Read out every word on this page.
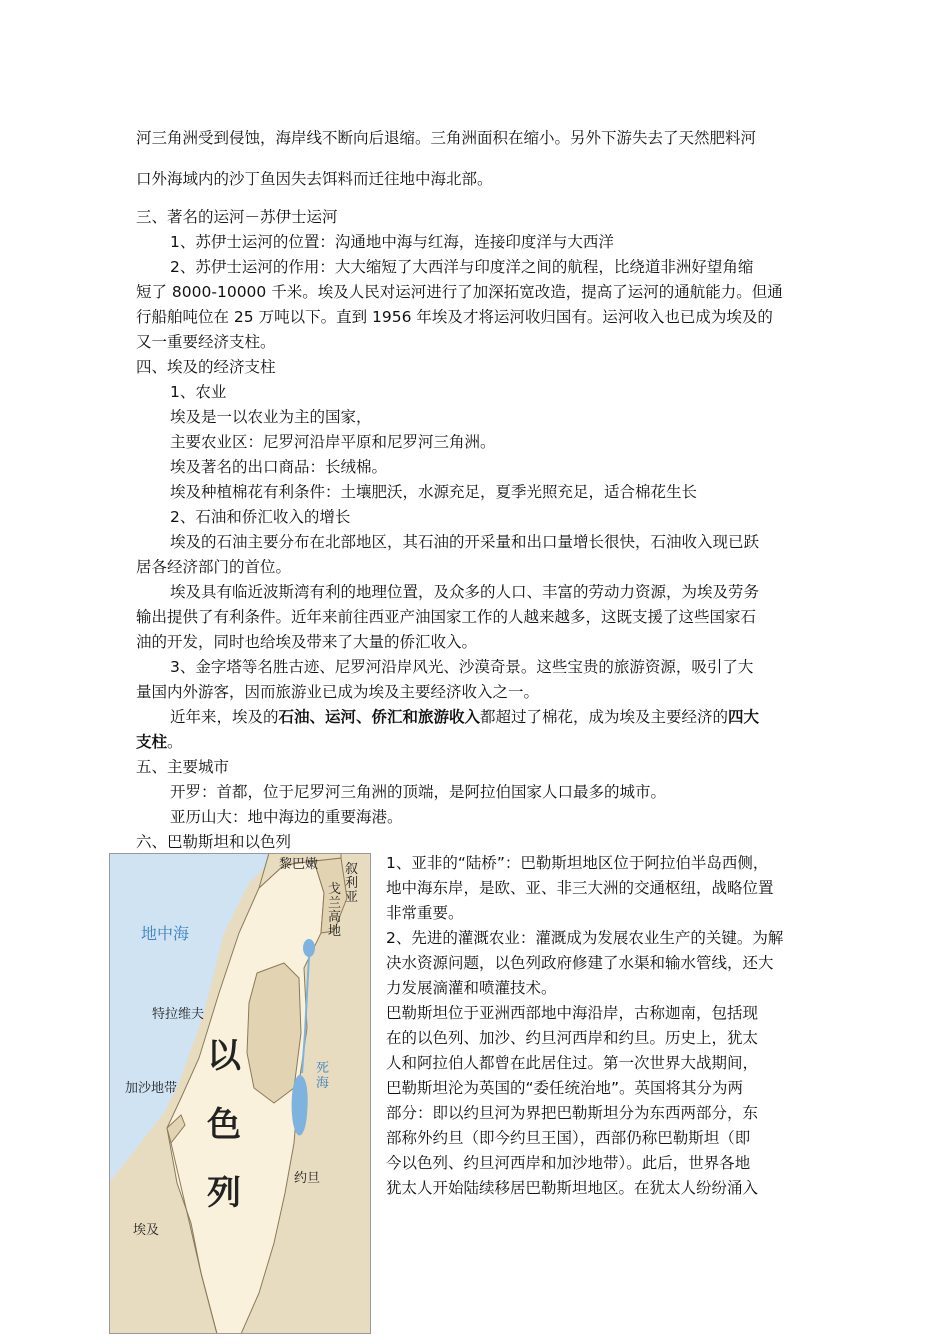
河三角洲受到侵蚀，海岸线不断向后退缩。三角洲面积在缩小。另外下游失去了天然肥料河
口外海域内的沙丁鱼因失去饵料而迁往地中海北部。
三、著名的运河－苏伊士运河
1、苏伊士运河的位置：沟通地中海与红海，连接印度洋与大西洋
2、苏伊士运河的作用：大大缩短了大西洋与印度洋之间的航程，比绕道非洲好望角缩
短了 8000-10000 千米。埃及人民对运河进行了加深拓宽改造，提高了运河的通航能力。但通
行船舶吨位在 25 万吨以下。直到 1956 年埃及才将运河收归国有。运河收入也已成为埃及的
又一重要经济支柱。
四、埃及的经济支柱
1、农业
埃及是一以农业为主的国家，
主要农业区：尼罗河沿岸平原和尼罗河三角洲。
埃及著名的出口商品：长绒棉。
埃及种植棉花有利条件：土壤肥沃，水源充足，夏季光照充足，适合棉花生长
2、石油和侨汇收入的增长
埃及的石油主要分布在北部地区，其石油的开采量和出口量增长很快，石油收入现已跃
居各经济部门的首位。
埃及具有临近波斯湾有利的地理位置，及众多的人口、丰富的劳动力资源，为埃及劳务
输出提供了有利条件。近年来前往西亚产油国家工作的人越来越多，这既支援了这些国家石
油的开发，同时也给埃及带来了大量的侨汇收入。
3、金字塔等名胜古迹、尼罗河沿岸风光、沙漠奇景。这些宝贵的旅游资源，吸引了大
量国内外游客，因而旅游业已成为埃及主要经济收入之一。
近年来，埃及的石油、运河、侨汇和旅游收入都超过了棉花，成为埃及主要经济的四大
支柱。
五、主要城市
开罗：首都，位于尼罗河三角洲的顶端，是阿拉伯国家人口最多的城市。
亚历山大：地中海边的重要海港。
六、巴勒斯坦和以色列
黎巴嫩 叙利亚
戈兰高地
地中海
特拉维夫
以
加沙地带
死海
色
约旦
列
埃及
1、亚非的“陆桥”：巴勒斯坦地区位于阿拉伯半岛西侧，
地中海东岸，是欧、亚、非三大洲的交通枢纽，战略位置
非常重要。
2、先进的灌溉农业：灌溉成为发展农业生产的关键。为解
决水资源问题，以色列政府修建了水渠和输水管线，还大
力发展滴灌和喷灌技术。
巴勒斯坦位于亚洲西部地中海沿岸，古称迦南，包括现
在的以色列、加沙、约旦河西岸和约旦。历史上，犹太
人和阿拉伯人都曾在此居住过。第一次世界大战期间，
巴勒斯坦沦为英国的“委任统治地”。英国将其分为两
部分：即以约旦河为界把巴勒斯坦分为东西两部分，东
部称外约旦（即今约旦王国），西部仍称巴勒斯坦（即
今以色列、约旦河西岸和加沙地带）。此后，世界各地
犹太人开始陆续移居巴勒斯坦地区。在犹太人纷纷涌入
